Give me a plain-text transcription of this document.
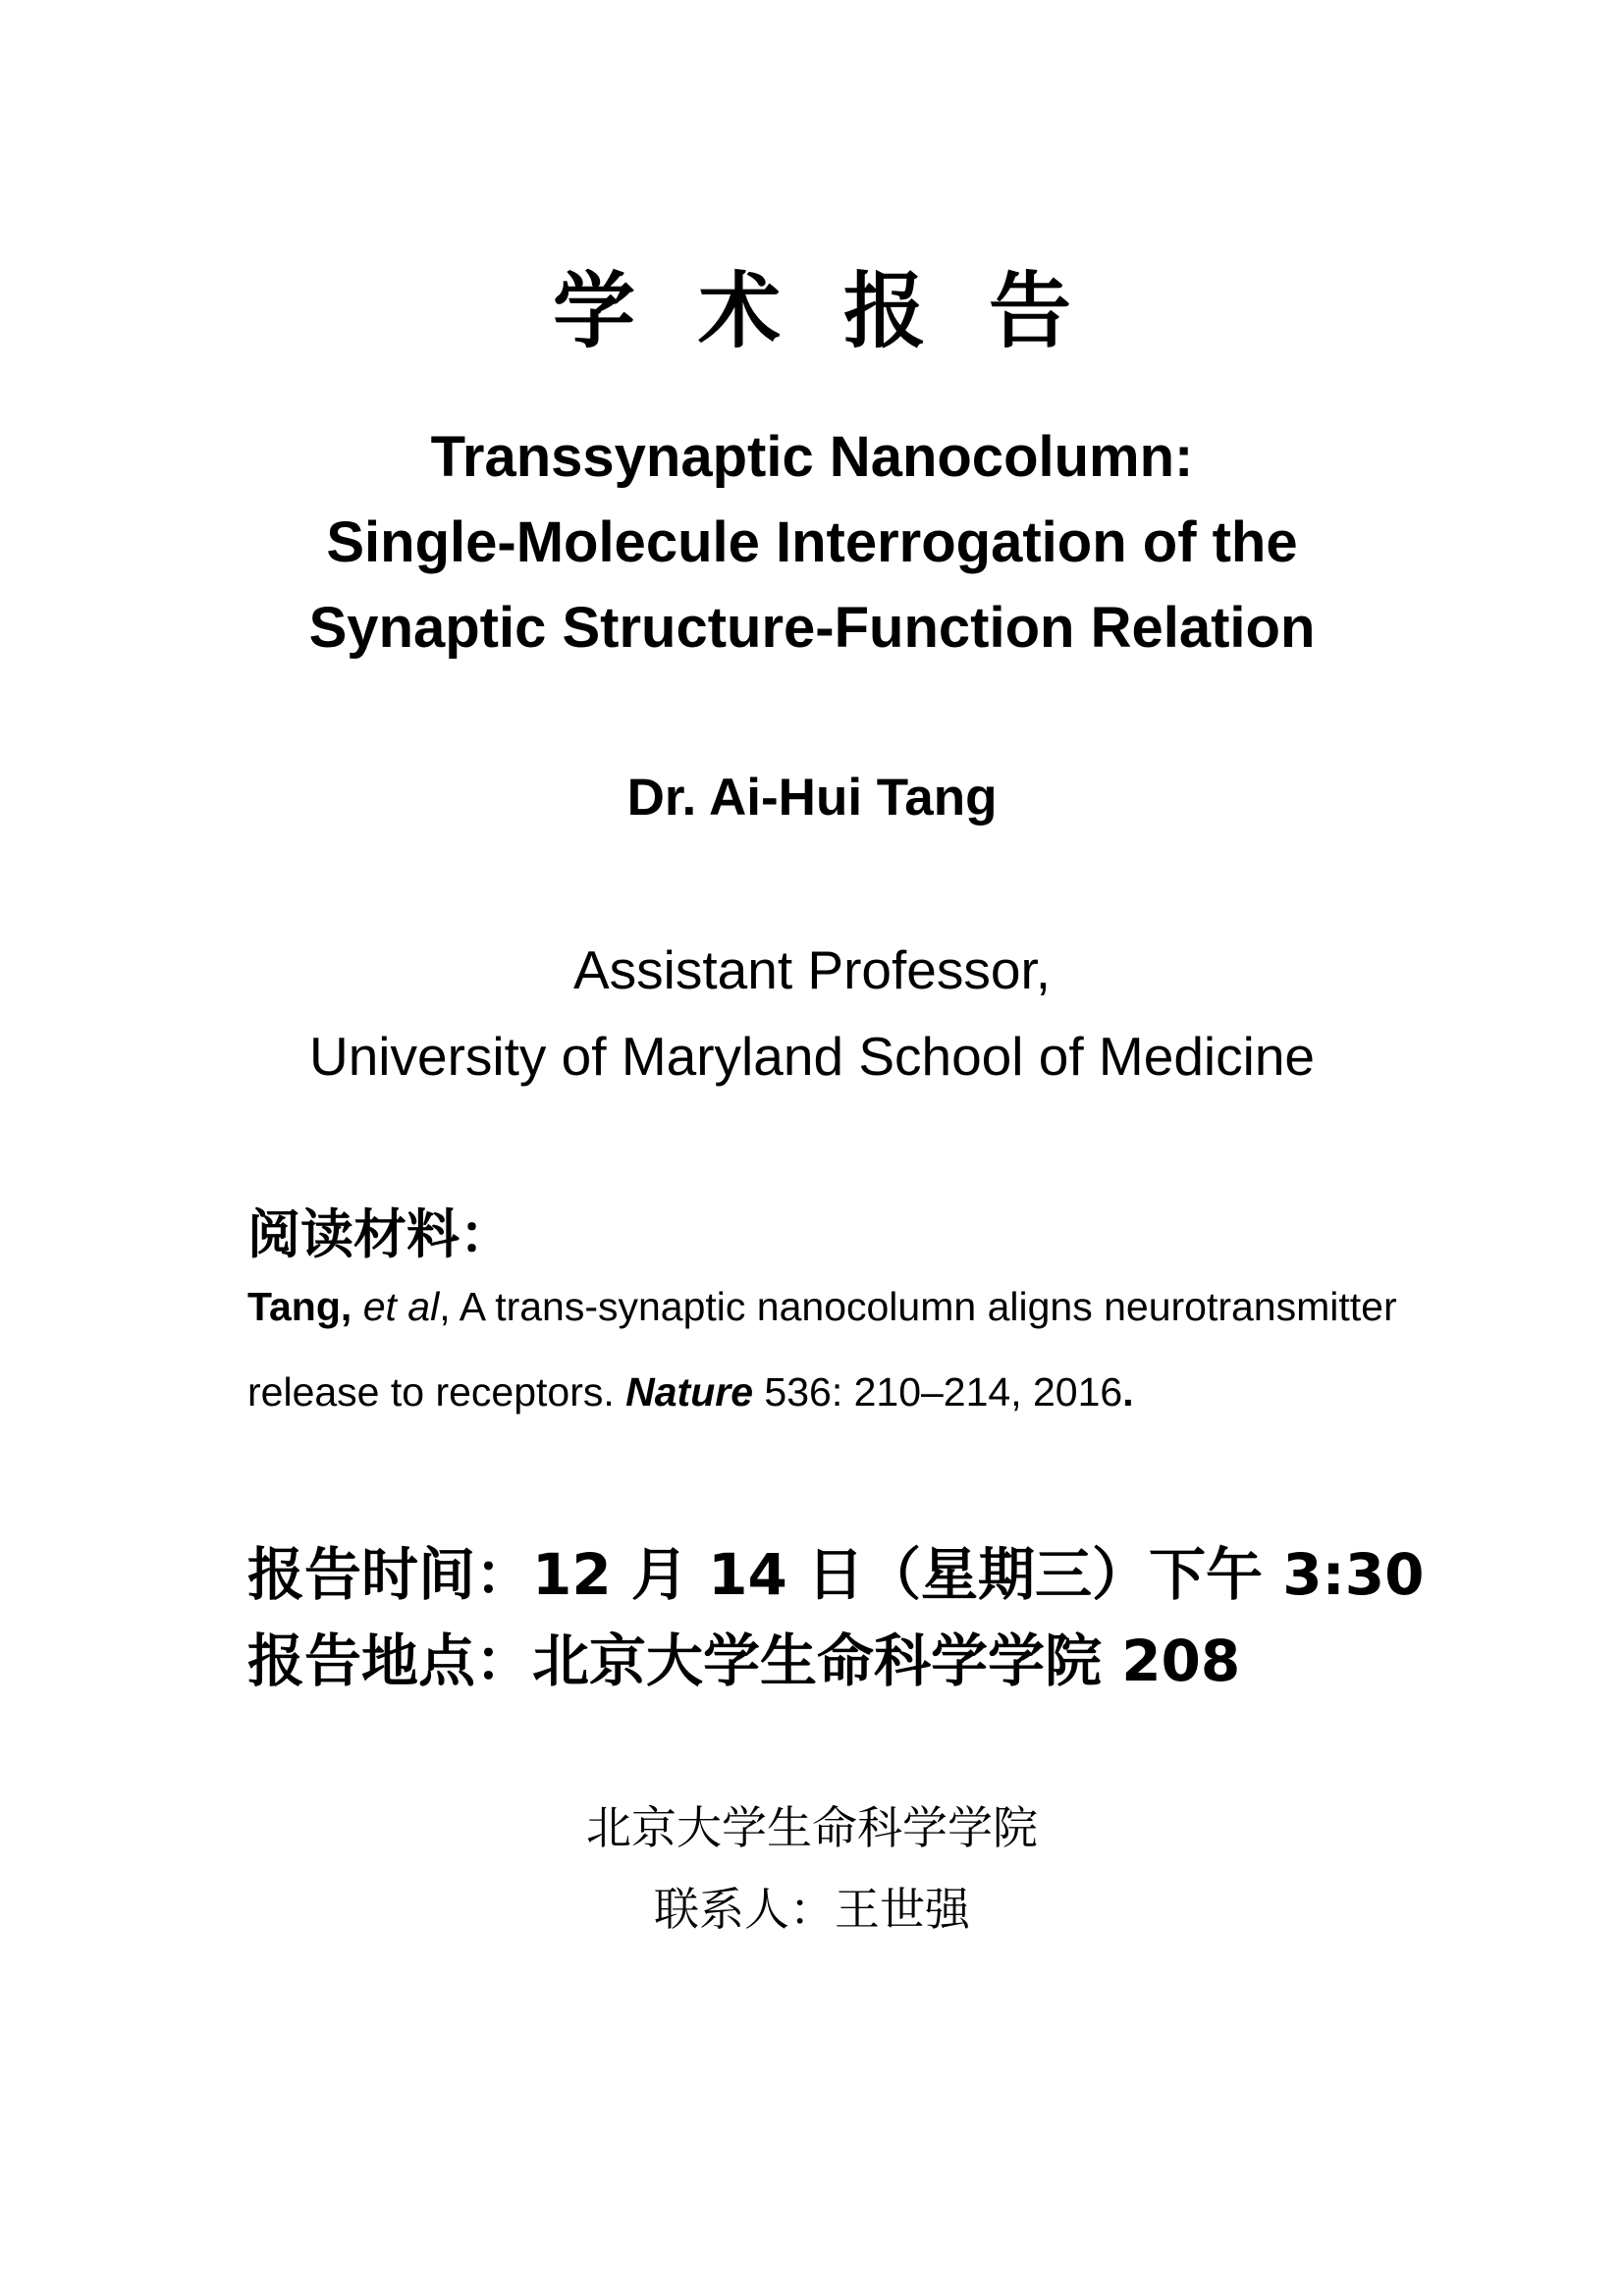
学术报告
Transsynaptic Nanocolumn:
Single-Molecule Interrogation of the
Synaptic Structure-Function Relation
Dr. Ai-Hui Tang
Assistant Professor,
University of Maryland School of Medicine
阅读材料：
Tang, et al, A trans-synaptic nanocolumn aligns neurotransmitter
release to receptors. Nature 536: 210–214, 2016.
报告时间：12 月 14 日（星期三）下午 3:30
报告地点：北京大学生命科学学院 208
北京大学生命科学学院
联系人：王世强
